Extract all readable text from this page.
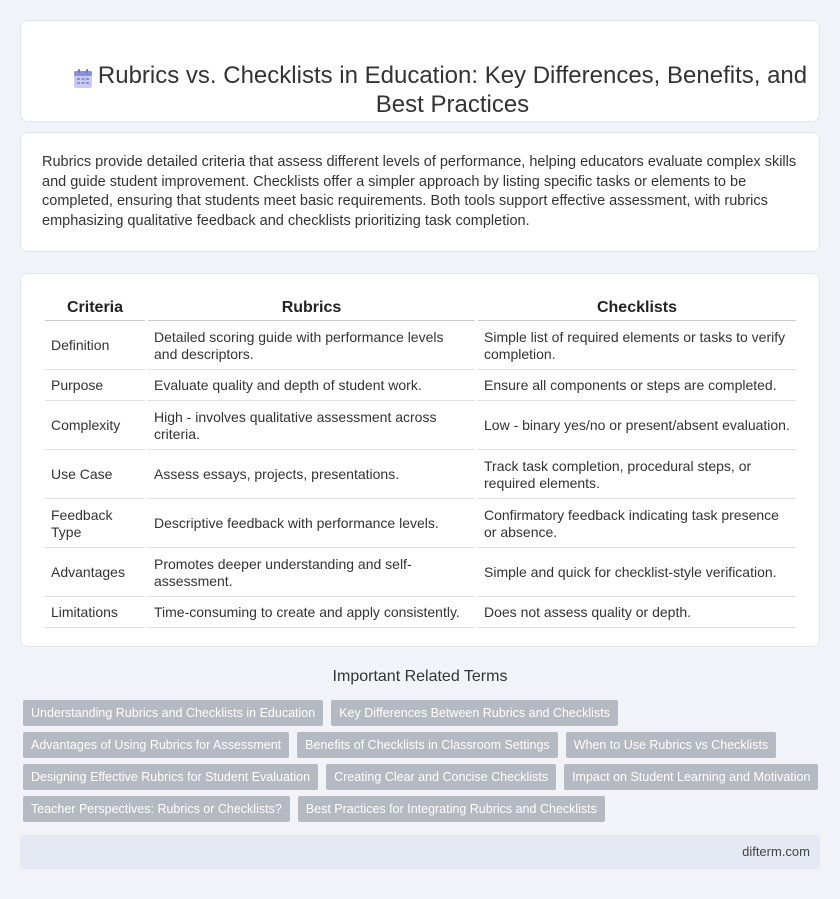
Rubrics vs. Checklists in Education: Key Differences, Benefits, and Best Practices

Rubrics provide detailed criteria that assess different levels of performance, helping educators evaluate complex skills and guide student improvement. Checklists offer a simpler approach by listing specific tasks or elements to be completed, ensuring that students meet basic requirements. Both tools support effective assessment, with rubrics emphasizing qualitative feedback and checklists prioritizing task completion.

Criteria	Rubrics	Checklists
Definition	Detailed scoring guide with performance levels and descriptors.	Simple list of required elements or tasks to verify completion.
Purpose	Evaluate quality and depth of student work.	Ensure all components or steps are completed.
Complexity	High - involves qualitative assessment across criteria.	Low - binary yes/no or present/absent evaluation.
Use Case	Assess essays, projects, presentations.	Track task completion, procedural steps, or required elements.
Feedback Type	Descriptive feedback with performance levels.	Confirmatory feedback indicating task presence or absence.
Advantages	Promotes deeper understanding and self-assessment.	Simple and quick for checklist-style verification.
Limitations	Time-consuming to create and apply consistently.	Does not assess quality or depth.
Important Related Terms
Understanding Rubrics and Checklists in Education	Key Differences Between Rubrics and Checklists
Advantages of Using Rubrics for Assessment	Benefits of Checklists in Classroom Settings	When to Use Rubrics vs Checklists
Designing Effective Rubrics for Student Evaluation	Creating Clear and Concise Checklists	Impact on Student Learning and Motivation
Teacher Perspectives: Rubrics or Checklists?	Best Practices for Integrating Rubrics and Checklists
difterm.com
